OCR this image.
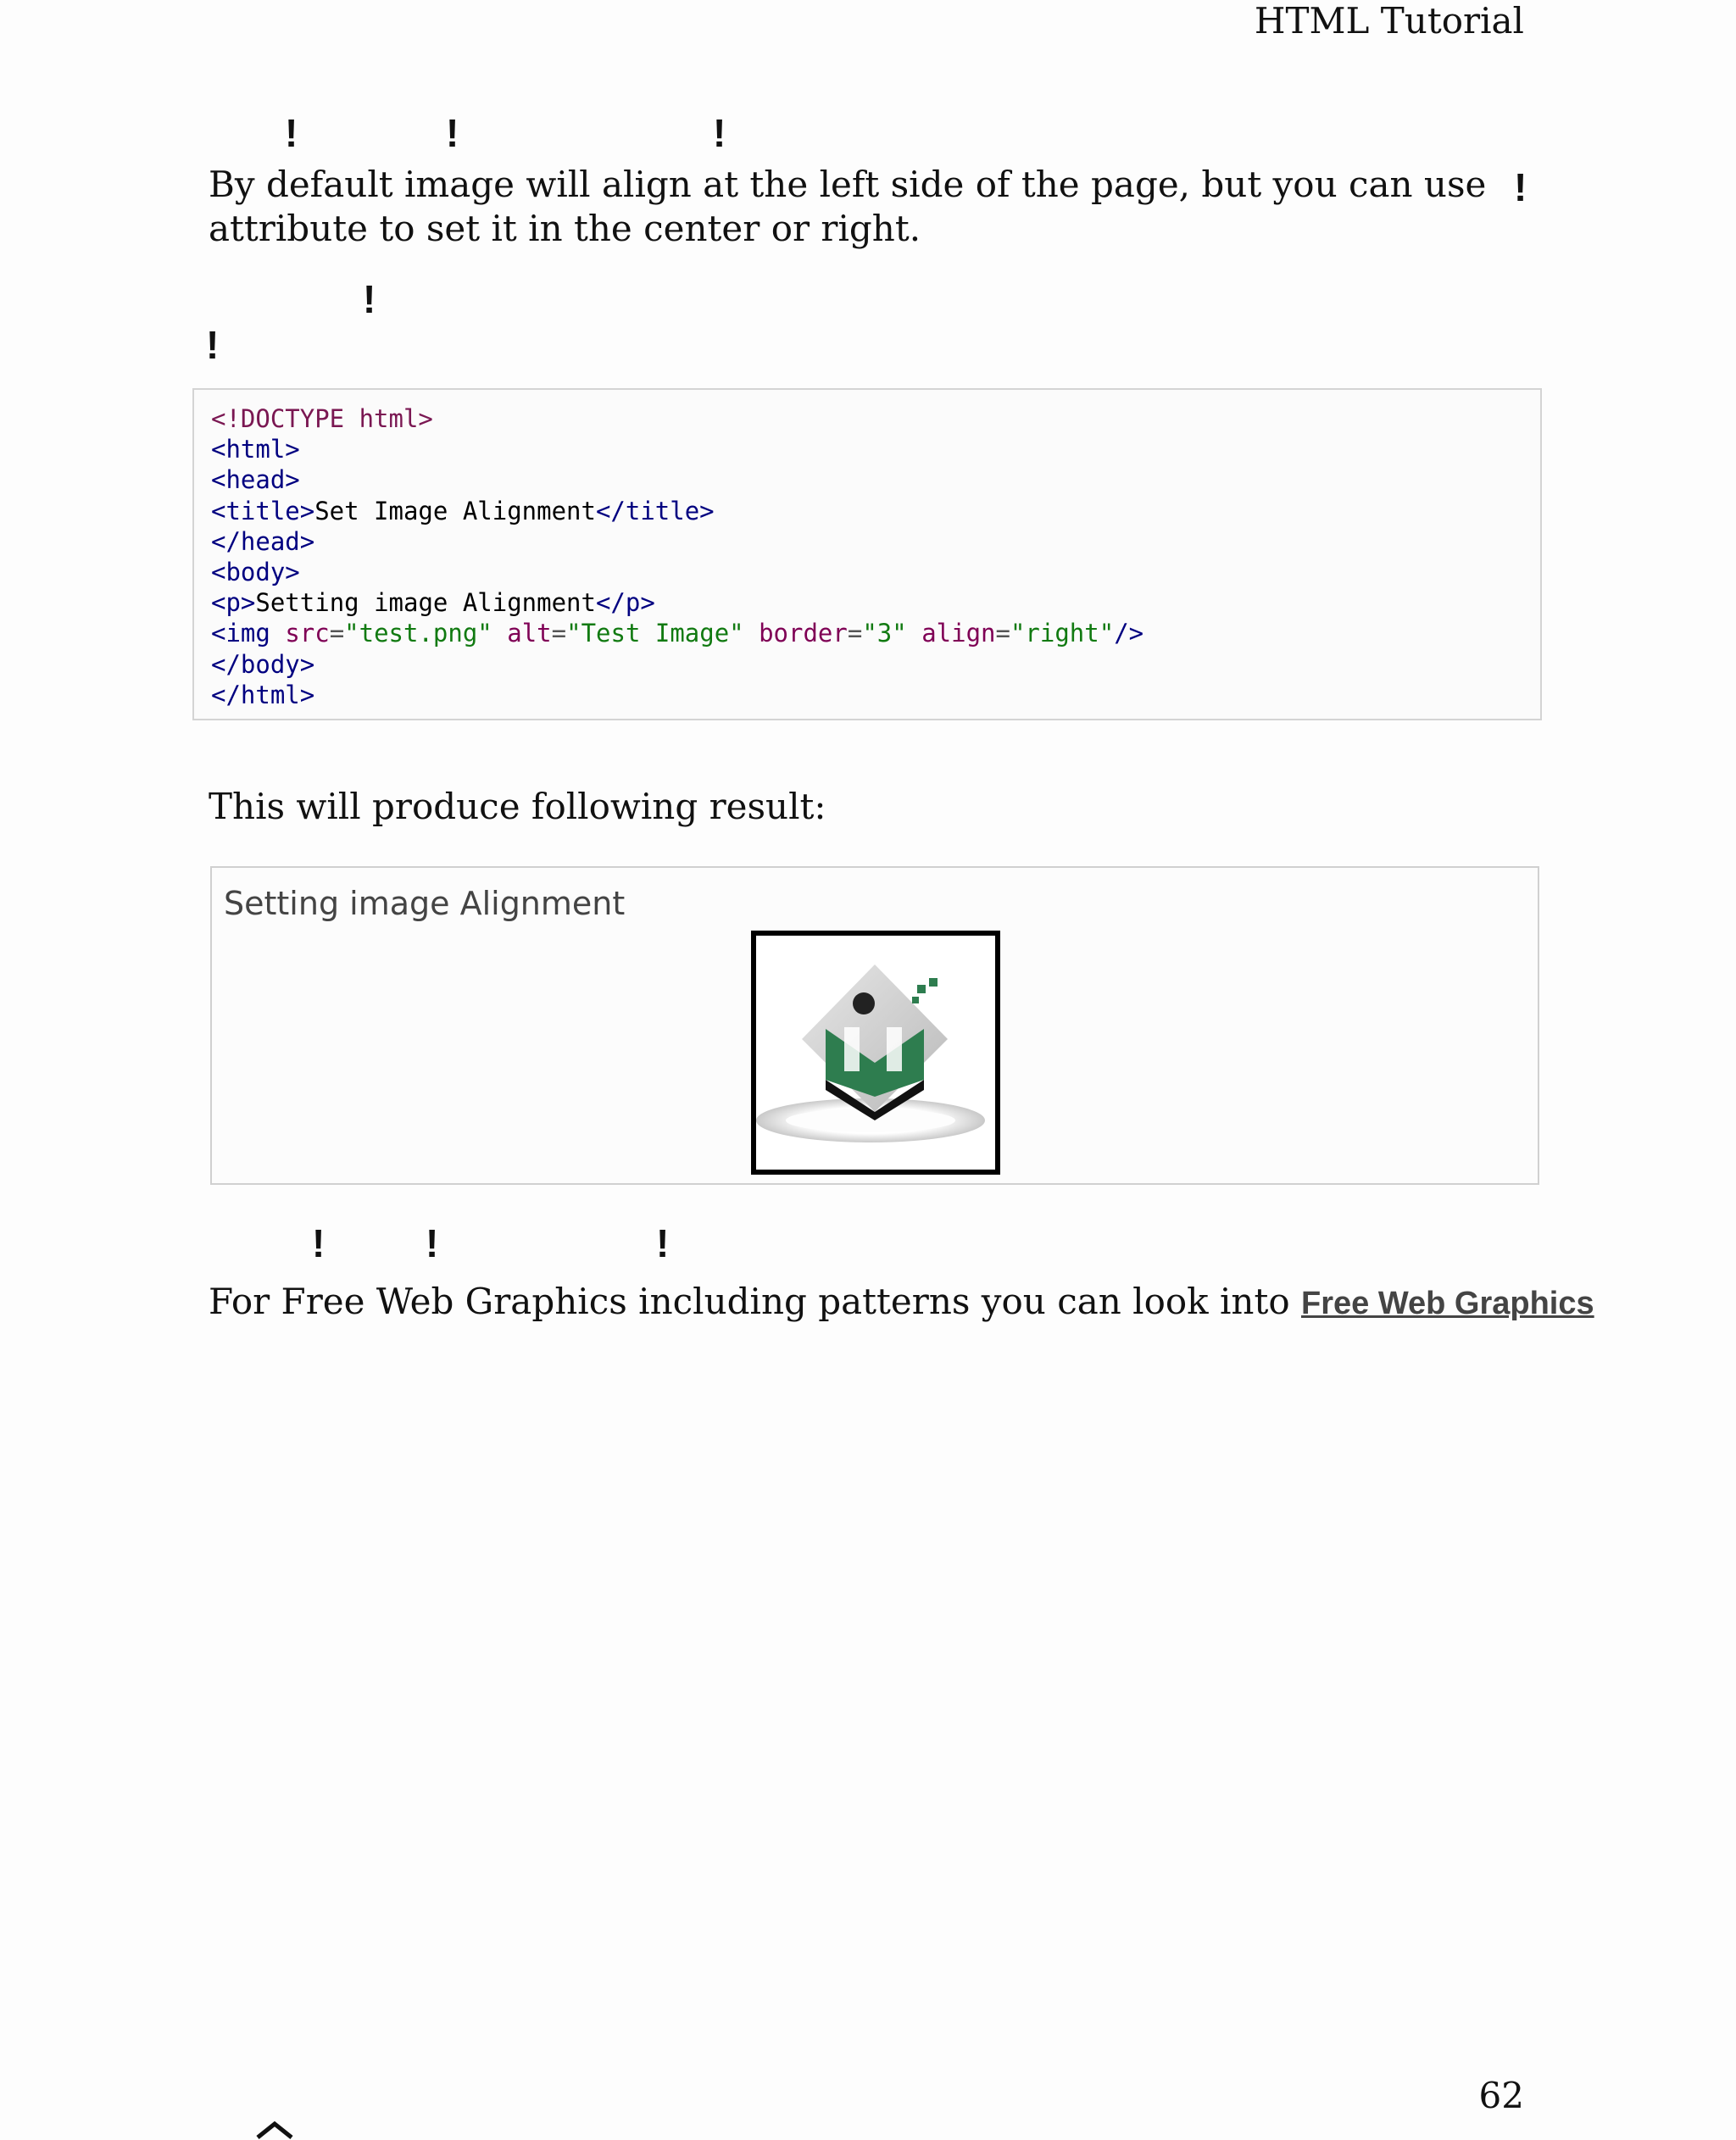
HTML Tutorial
!	!	!
By default image will align at the left side of the page, but you can use !
attribute to set it in the center or right.
!
!
<!DOCTYPE html>
<html>
<head>
<title>Set Image Alignment</title>
</head>
<body>
<p>Setting image Alignment</p>
<img src="test.png" alt="Test Image" border="3" align="right"/>
</body>
</html>
This will produce following result:
Setting image Alignment
!	!	!
For Free Web Graphics including patterns you can look into Free Web Graphics
62
